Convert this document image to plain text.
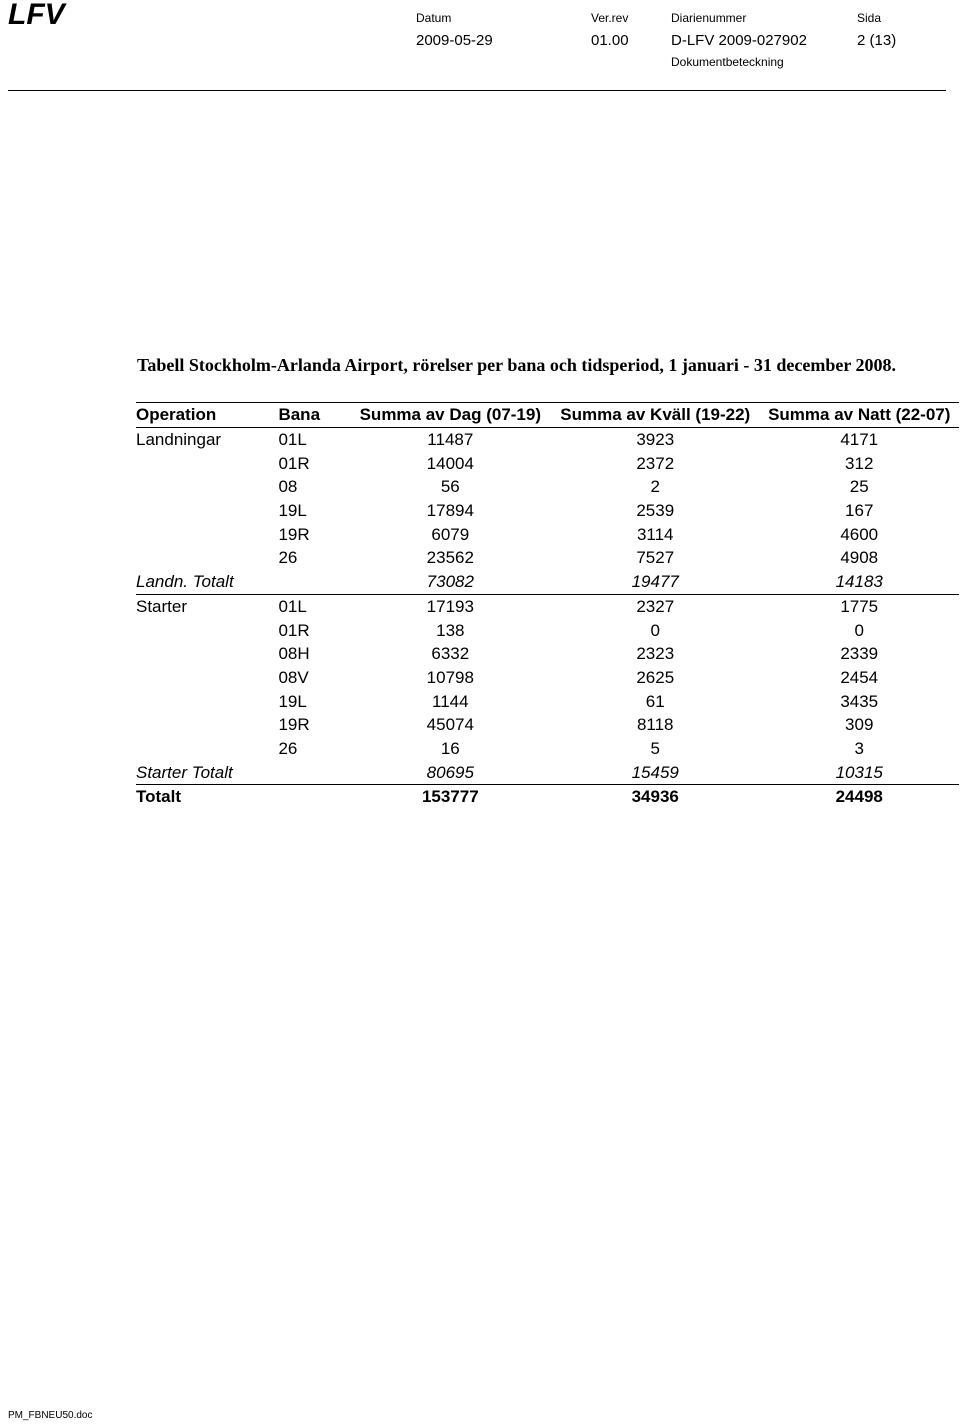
LFV	Datum	Ver.rev	Diarienummer	Sida
2009-05-29	01.00	D-LFV 2009-027902	2 (13)
Dokumentbeteckning
Tabell Stockholm-Arlanda Airport, rörelser per bana och tidsperiod, 1 januari - 31 december 2008.
Operation	Bana	Summa av Dag (07-19)	Summa av Kväll (19-22)	Summa av Natt (22-07)
Landningar	01L	11487	3923	4171
	01R	14004	2372	312
	08	56	2	25
	19L	17894	2539	167
	19R	6079	3114	4600
	26	23562	7527	4908
Landn. Totalt		73082	19477	14183
Starter	01L	17193	2327	1775
	01R	138	0	0
	08H	6332	2323	2339
	08V	10798	2625	2454
	19L	1144	61	3435
	19R	45074	8118	309
	26	16	5	3
Starter Totalt		80695	15459	10315
Totalt		153777	34936	24498
PM_FBNEU50.doc
